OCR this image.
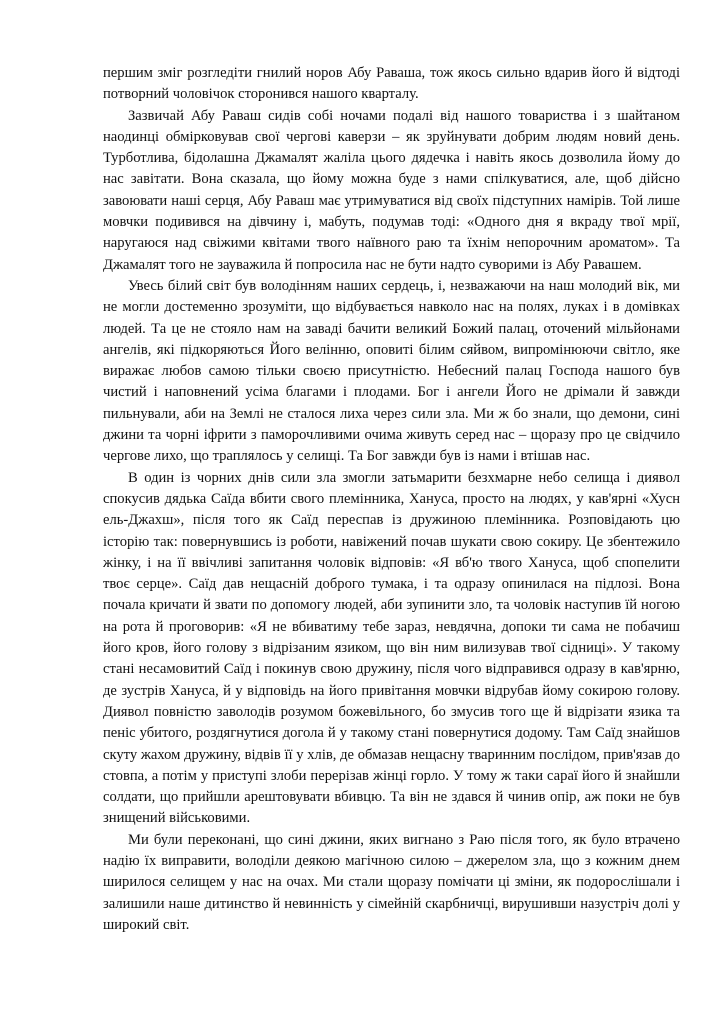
першим зміг розгледіти гнилий норов Абу Раваша, тож якось сильно вдарив його й відтоді потворний чоловічок сторонився нашого кварталу.

Зазвичай Абу Раваш сидів собі ночами подалі від нашого товариства і з шайтаном наодинці обмірковував свої чергові каверзи – як зруйнувати добрим людям новий день. Турботлива, бідолашна Джамалят жаліла цього дядечка і навіть якось дозволила йому до нас завітати. Вона сказала, що йому можна буде з нами спілкуватися, але, щоб дійсно завоювати наші серця, Абу Раваш має утримуватися від своїх підступних намірів. Той лише мовчки подивився на дівчину і, мабуть, подумав тоді: «Одного дня я вкраду твої мрії, наругаюся над свіжими квітами твого наївного раю та їхнім непорочним ароматом». Та Джамалят того не зауважила й попросила нас не бути надто суворими із Абу Равашем.

Увесь білий світ був володінням наших сердець, і, незважаючи на наш молодий вік, ми не могли достеменно зрозуміти, що відбувається навколо нас на полях, луках і в домівках людей. Та це не стояло нам на заваді бачити великий Божий палац, оточений мільйонами ангелів, які підкоряються Його велінню, оповиті білим сяйвом, випромінюючи світло, яке виражає любов самою тільки своєю присутністю. Небесний палац Господа нашого був чистий і наповнений усіма благами і плодами. Бог і ангели Його не дрімали й завжди пильнували, аби на Землі не сталося лиха через сили зла. Ми ж бо знали, що демони, сині джини та чорні іфрити з паморочливими очима живуть серед нас – щоразу про це свідчило чергове лихо, що траплялось у селищі. Та Бог завжди був із нами і втішав нас.

В один із чорних днів сили зла змогли затьмарити безхмарне небо селища і диявол спокусив дядька Саїда вбити свого племінника, Хануса, просто на людях, у кав'ярні «Хусн ель-Джахш», після того як Саїд переспав із дружиною племінника. Розповідають цю історію так: повернувшись із роботи, навіжений почав шукати свою сокиру. Це збентежило жінку, і на її ввічливі запитання чоловік відповів: «Я вб'ю твого Хануса, щоб спопелити твоє серце». Саїд дав нещасній доброго тумака, і та одразу опинилася на підлозі. Вона почала кричати й звати по допомогу людей, аби зупинити зло, та чоловік наступив їй ногою на рота й проговорив: «Я не вбиватиму тебе зараз, невдячна, допоки ти сама не побачиш його кров, його голову з відрізаним язиком, що він ним вилизував твої сідниці». У такому стані несамовитий Саїд і покинув свою дружину, після чого відправився одразу в кав'ярню, де зустрів Хануса, й у відповідь на його привітання мовчки відрубав йому сокирою голову. Диявол повністю заволодів розумом божевільного, бо змусив того ще й відрізати язика та пеніс убитого, роздягнутися догола й у такому стані повернутися додому. Там Саїд знайшов скуту жахом дружину, відвів її у хлів, де обмазав нещасну тваринним послідом, прив'язав до стовпа, а потім у приступі злоби перерізав жінці горло. У тому ж таки сараї його й знайшли солдати, що прийшли арештовувати вбивцю. Та він не здався й чинив опір, аж поки не був знищений військовими.

Ми були переконані, що сині джини, яких вигнано з Раю після того, як було втрачено надію їх виправити, володіли деякою магічною силою – джерелом зла, що з кожним днем ширилося селищем у нас на очах. Ми стали щоразу помічати ці зміни, як подорослішали і залишили наше дитинство й невинність у сімейній скарбничці, вирушивши назустріч долі у широкий світ.
